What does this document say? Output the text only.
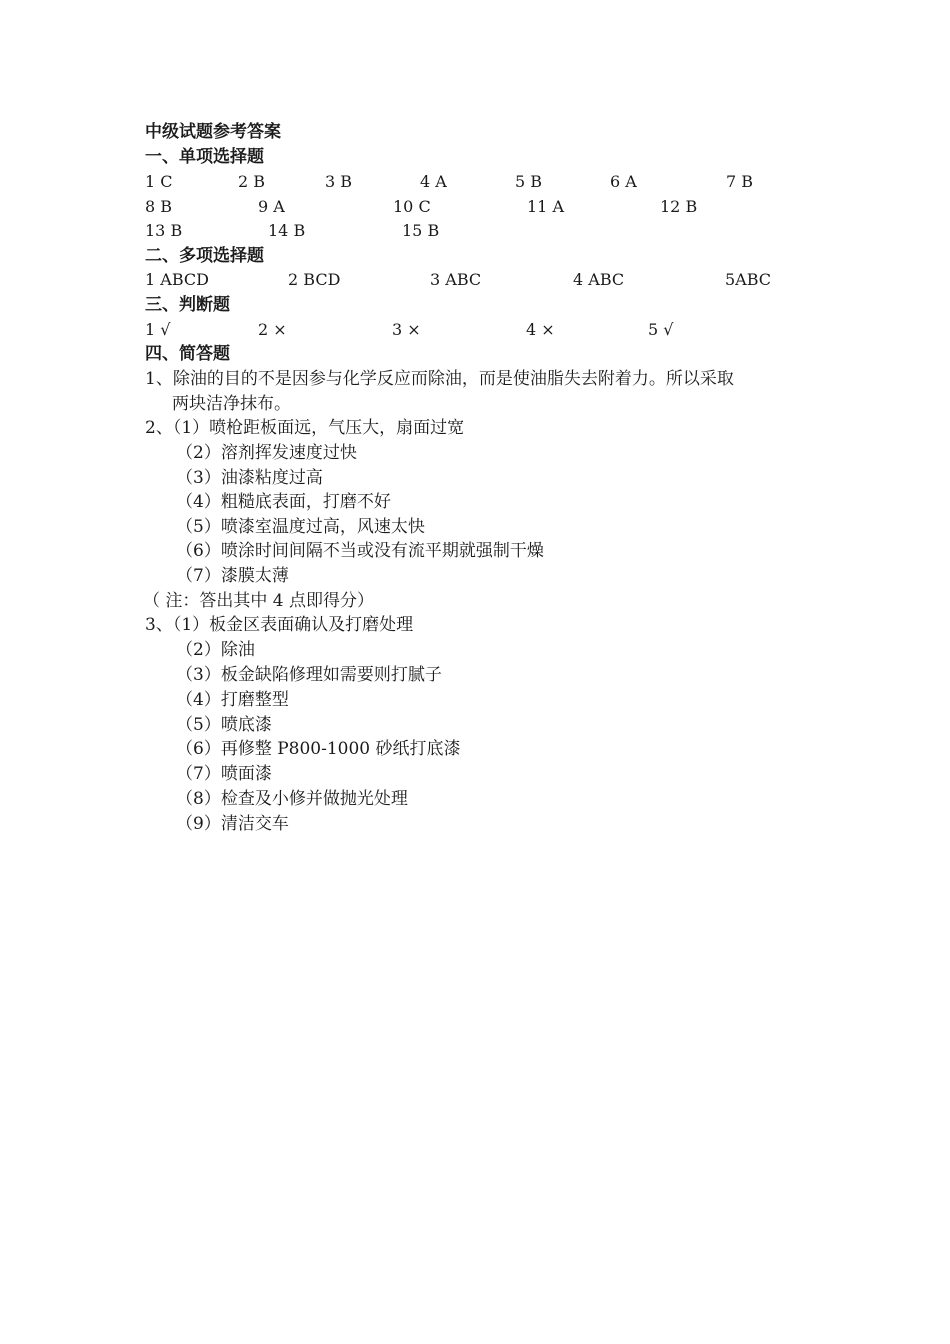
中级试题参考答案
一、单项选择题
1 C	2 B	3 B	4 A	5 B	6 A	7 B
8 B	9 A	10 C	11 A	12 B
13 B	14 B	15 B
二、多项选择题
1 ABCD	2 BCD	3 ABC	4 ABC	5ABC
三、判断题
1 √	2 ×	3 ×	4 ×	5 √
四、简答题
1、除油的目的不是因参与化学反应而除油，而是使油脂失去附着力。所以采取
两块洁净抹布。
2、（1）喷枪距板面远，气压大，扇面过宽
（2）溶剂挥发速度过快
（3）油漆粘度过高
（4）粗糙底表面，打磨不好
（5）喷漆室温度过高，风速太快
（6）喷涂时间间隔不当或没有流平期就强制干燥
（7）漆膜太薄
（ 注：答出其中 4 点即得分）
3、（1）板金区表面确认及打磨处理
（2）除油
（3）板金缺陷修理如需要则打腻子
（4）打磨整型
（5）喷底漆
（6）再修整 P800-1000 砂纸打底漆
（7）喷面漆
（8）检查及小修并做抛光处理
（9）清洁交车
